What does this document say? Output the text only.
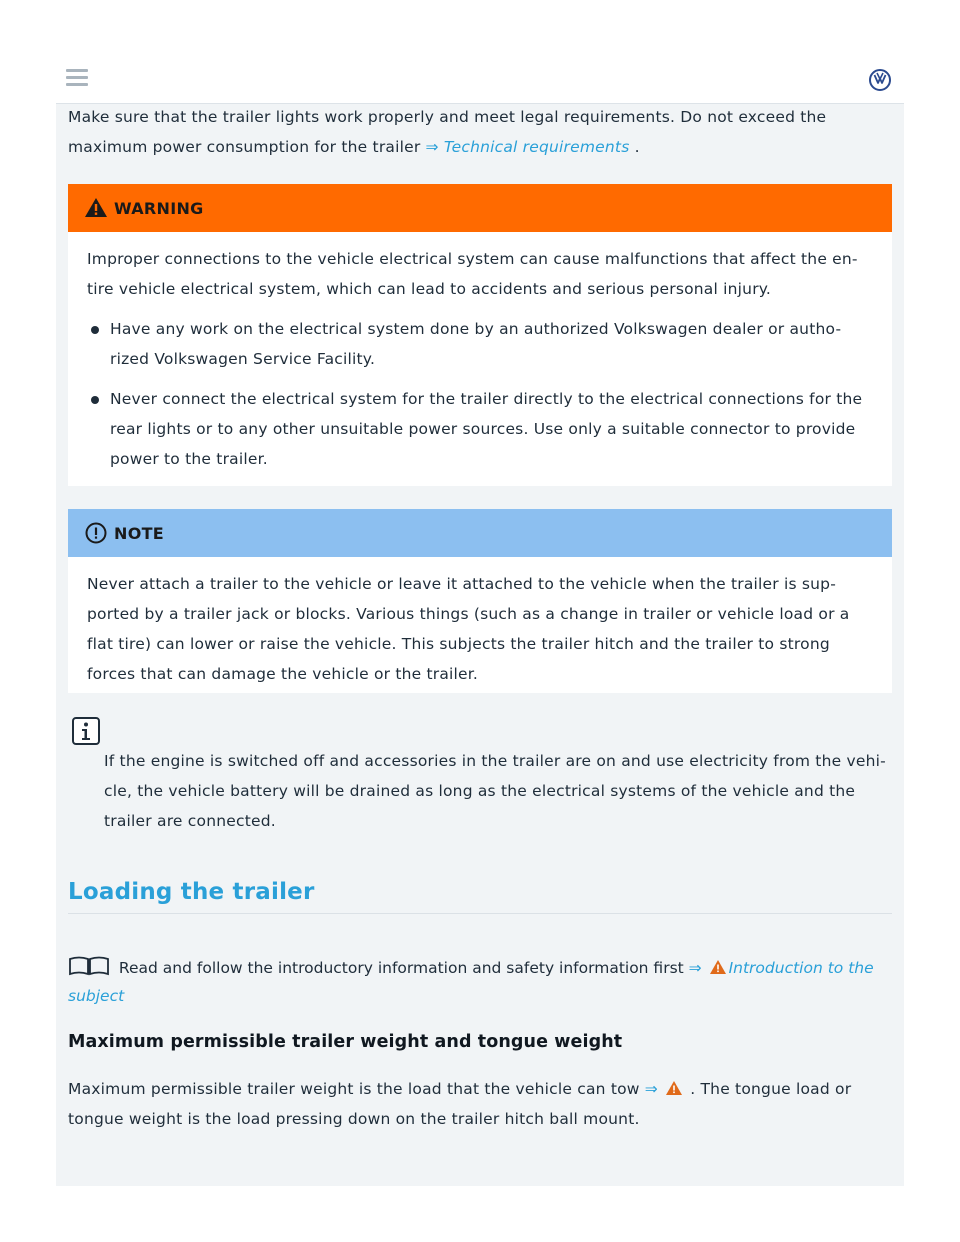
Make sure that the trailer lights work properly and meet legal requirements. Do not exceed the maximum power consumption for the trailer ⇒ Technical requirements .

WARNING

Improper connections to the vehicle electrical system can cause malfunctions that affect the en-tire vehicle electrical system, which can lead to accidents and serious personal injury.

Have any work on the electrical system done by an authorized Volkswagen dealer or autho-rized Volkswagen Service Facility.
Never connect the electrical system for the trailer directly to the electrical connections for the rear lights or to any other unsuitable power sources. Use only a suitable connector to provide power to the trailer.
NOTE

Never attach a trailer to the vehicle or leave it attached to the vehicle when the trailer is sup-ported by a trailer jack or blocks. Various things (such as a change in trailer or vehicle load or a flat tire) can lower or raise the vehicle. This subjects the trailer hitch and the trailer to strong forces that can damage the vehicle or the trailer.

If the engine is switched off and accessories in the trailer are on and use electricity from the vehi-cle, the vehicle battery will be drained as long as the electrical systems of the vehicle and the trailer are connected.

Loading the trailer

Read and follow the introductory information and safety information first ⇒ Introduction to the subject

Maximum permissible trailer weight and tongue weight

Maximum permissible trailer weight is the load that the vehicle can tow ⇒  . The tongue load or tongue weight is the load pressing down on the trailer hitch ball mount.
